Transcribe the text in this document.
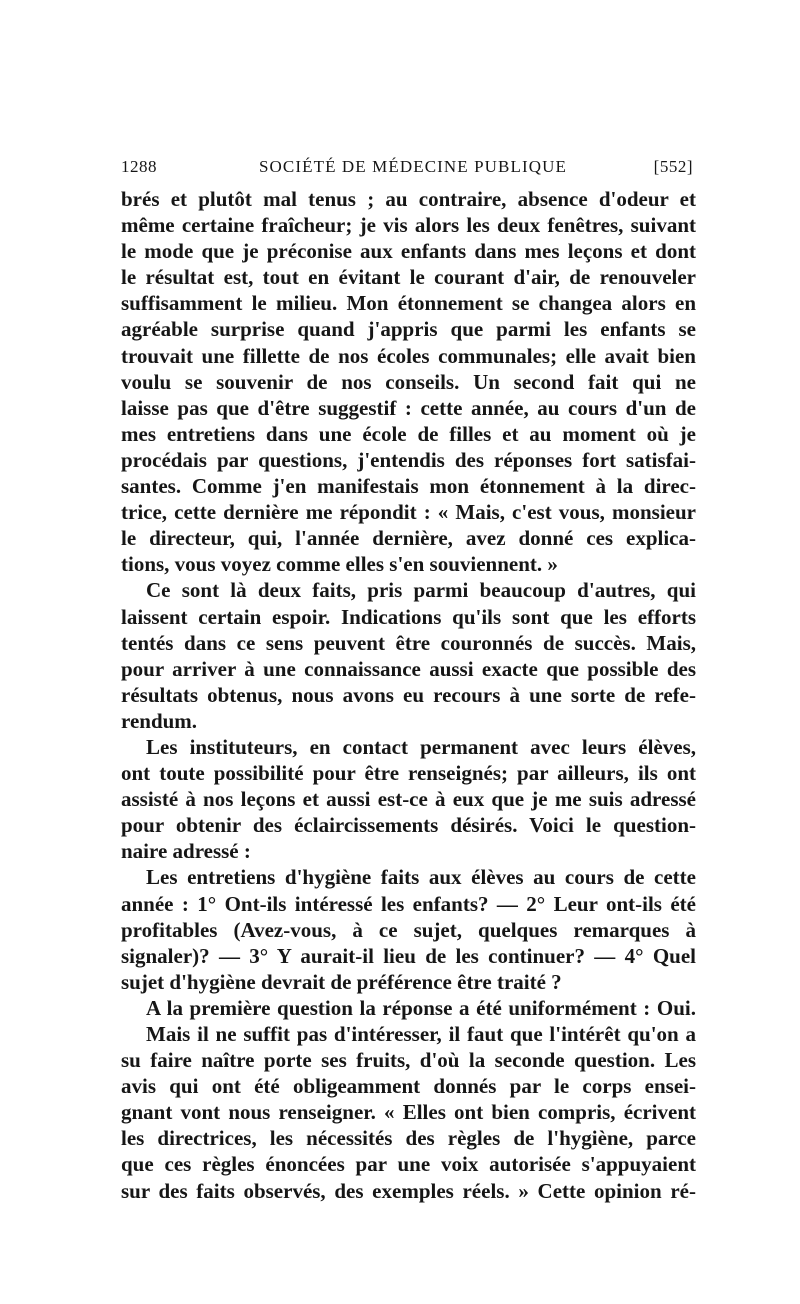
1288	SOCIÉTÉ DE MÉDECINE PUBLIQUE	[552]
brés et plutôt mal tenus ; au contraire, absence d'odeur et
même certaine fraîcheur; je vis alors les deux fenêtres, suivant
le mode que je préconise aux enfants dans mes leçons et dont
le résultat est, tout en évitant le courant d'air, de renouveler
suffisamment le milieu. Mon étonnement se changea alors en
agréable surprise quand j'appris que parmi les enfants se
trouvait une fillette de nos écoles communales; elle avait bien
voulu se souvenir de nos conseils. Un second fait qui ne
laisse pas que d'être suggestif : cette année, au cours d'un de
mes entretiens dans une école de filles et au moment où je
procédais par questions, j'entendis des réponses fort satisfai-
santes. Comme j'en manifestais mon étonnement à la direc-
trice, cette dernière me répondit : « Mais, c'est vous, monsieur
le directeur, qui, l'année dernière, avez donné ces explica-
tions, vous voyez comme elles s'en souviennent. »
Ce sont là deux faits, pris parmi beaucoup d'autres, qui
laissent certain espoir. Indications qu'ils sont que les efforts
tentés dans ce sens peuvent être couronnés de succès. Mais,
pour arriver à une connaissance aussi exacte que possible des
résultats obtenus, nous avons eu recours à une sorte de refe-
rendum.
Les instituteurs, en contact permanent avec leurs élèves,
ont toute possibilité pour être renseignés; par ailleurs, ils ont
assisté à nos leçons et aussi est-ce à eux que je me suis adressé
pour obtenir des éclaircissements désirés. Voici le question-
naire adressé :
Les entretiens d'hygiène faits aux élèves au cours de cette
année : 1° Ont-ils intéressé les enfants? — 2° Leur ont-ils été
profitables (Avez-vous, à ce sujet, quelques remarques à
signaler)? — 3° Y aurait-il lieu de les continuer? — 4° Quel
sujet d'hygiène devrait de préférence être traité ?
A la première question la réponse a été uniformément : Oui.
Mais il ne suffit pas d'intéresser, il faut que l'intérêt qu'on a
su faire naître porte ses fruits, d'où la seconde question. Les
avis qui ont été obligeamment donnés par le corps ensei-
gnant vont nous renseigner. « Elles ont bien compris, écrivent
les directrices, les nécessités des règles de l'hygiène, parce
que ces règles énoncées par une voix autorisée s'appuyaient
sur des faits observés, des exemples réels. » Cette opinion ré-
